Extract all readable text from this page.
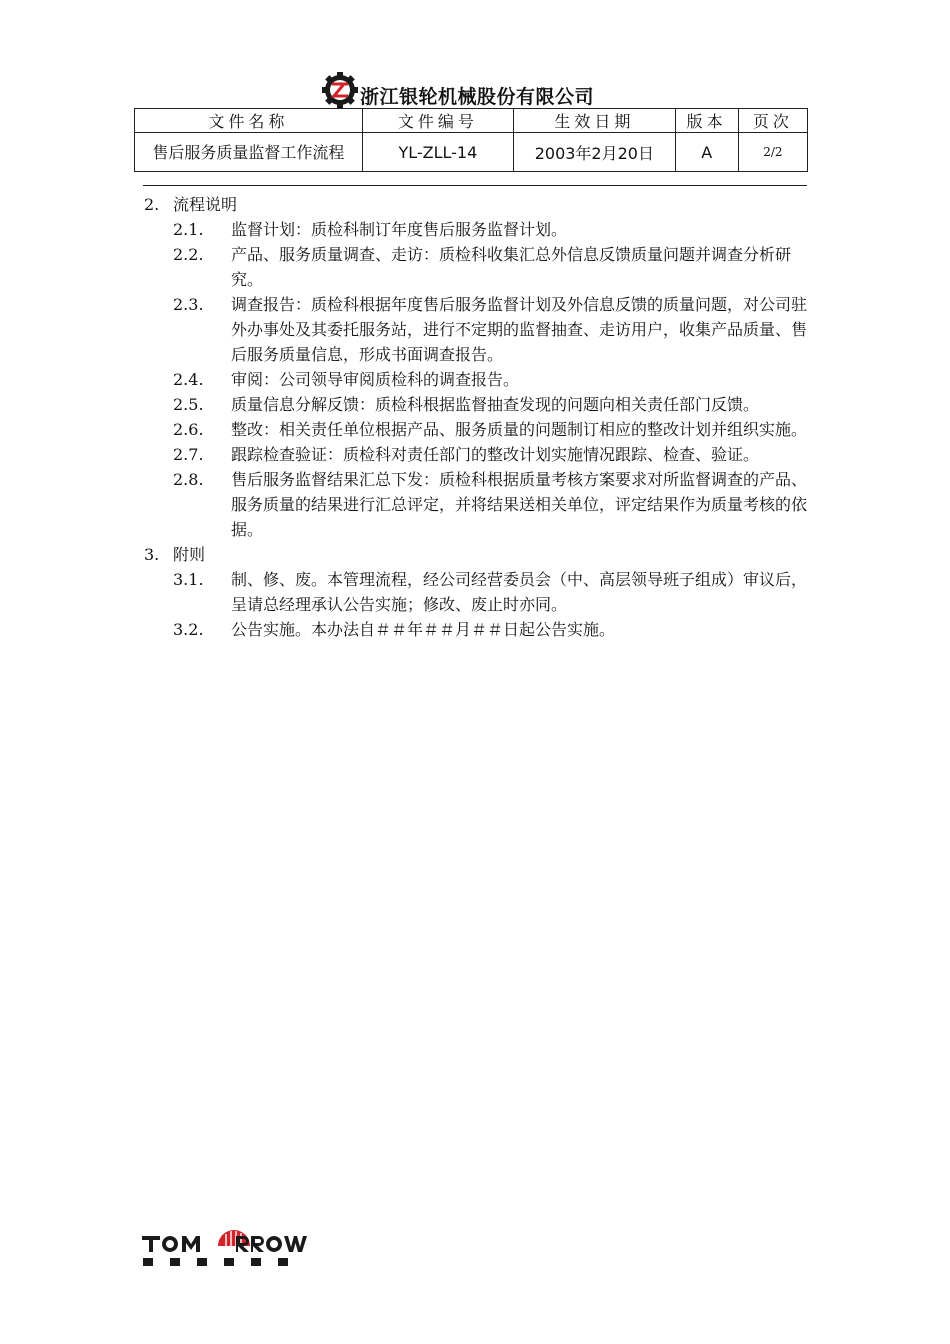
浙江银轮机械股份有限公司
文件名称	文件编号	生效日期	版本	页次
售后服务质量监督工作流程	YL-ZLL-14	2003年2月20日	A	2/2
2. 流程说明
2.1.	监督计划：质检科制订年度售后服务监督计划。
2.2.	产品、服务质量调查、走访：质检科收集汇总外信息反馈质量问题并调查分析研究。
2.3.	调查报告：质检科根据年度售后服务监督计划及外信息反馈的质量问题，对公司驻外办事处及其委托服务站，进行不定期的监督抽查、走访用户，收集产品质量、售后服务质量信息，形成书面调查报告。
2.4.	审阅：公司领导审阅质检科的调查报告。
2.5.	质量信息分解反馈：质检科根据监督抽查发现的问题向相关责任部门反馈。
2.6.	整改：相关责任单位根据产品、服务质量的问题制订相应的整改计划并组织实施。
2.7.	跟踪检查验证：质检科对责任部门的整改计划实施情况跟踪、检查、验证。
2.8.	售后服务监督结果汇总下发：质检科根据质量考核方案要求对所监督调查的产品、服务质量的结果进行汇总评定，并将结果送相关单位，评定结果作为质量考核的依据。
3. 附则
3.1.	制、修、废。本管理流程，经公司经营委员会（中、高层领导班子组成）审议后，呈请总经理承认公告实施；修改、废止时亦同。
3.2.	公告实施。本办法自＃＃年＃＃月＃＃日起公告实施。
